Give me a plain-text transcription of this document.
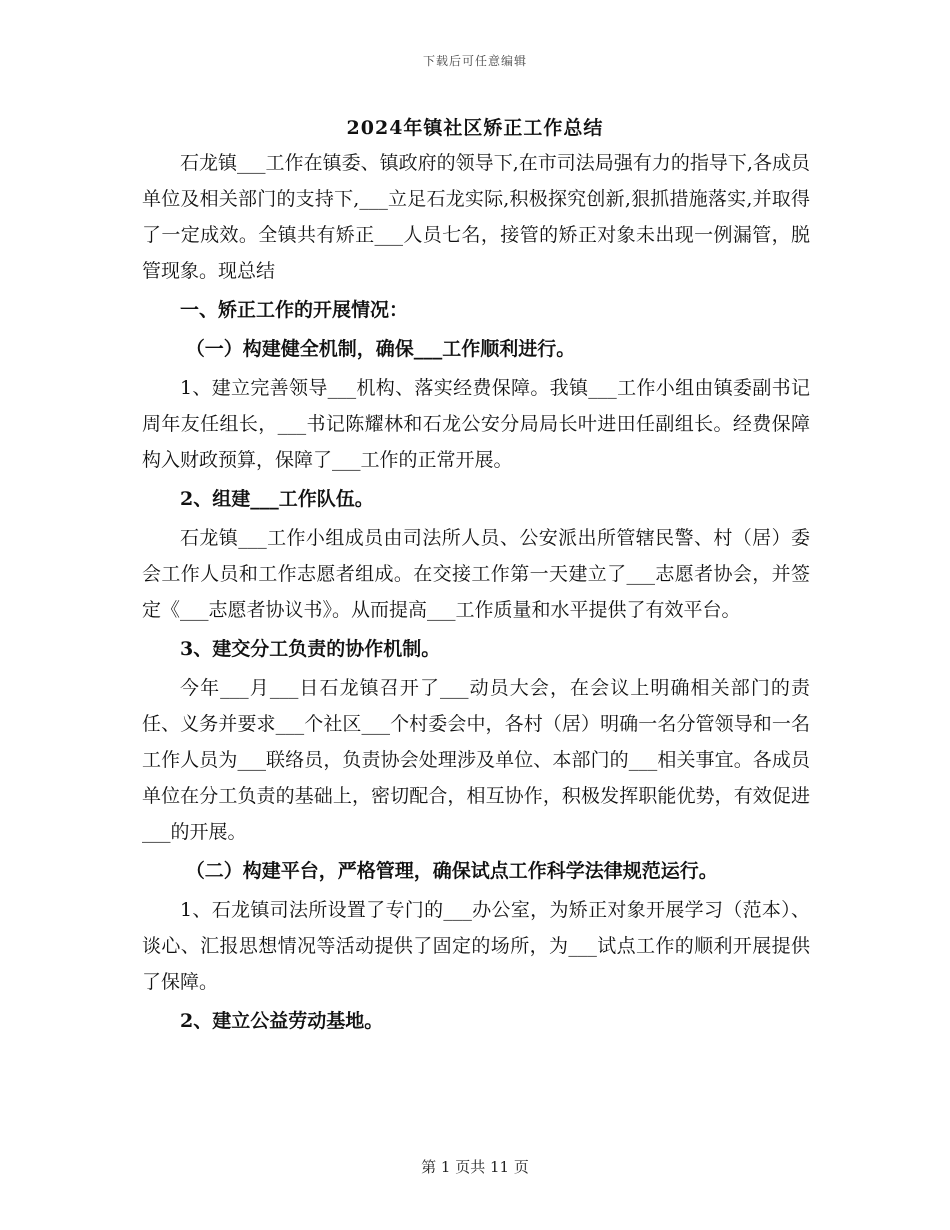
下载后可任意编辑
2024年镇社区矫正工作总结

石龙镇___工作在镇委、镇政府的领导下,在市司法局强有力的指导下,各成员单位及相关部门的支持下,___立足石龙实际,积极探究创新,狠抓措施落实,并取得了一定成效。全镇共有矫正___人员七名，接管的矫正对象未出现一例漏管，脱管现象。现总结

一、矫正工作的开展情况：

（一）构建健全机制，确保___工作顺利进行。

1、建立完善领导___机构、落实经费保障。我镇___工作小组由镇委副书记周年友任组长，___书记陈耀林和石龙公安分局局长叶进田任副组长。经费保障构入财政预算，保障了___工作的正常开展。

2、组建___工作队伍。

石龙镇___工作小组成员由司法所人员、公安派出所管辖民警、村（居）委会工作人员和工作志愿者组成。在交接工作第一天建立了___志愿者协会，并签定《___志愿者协议书》。从而提高___工作质量和水平提供了有效平台。

3、建交分工负责的协作机制。

今年___月___日石龙镇召开了___动员大会，在会议上明确相关部门的责任、义务并要求___个社区___个村委会中，各村（居）明确一名分管领导和一名工作人员为___联络员，负责协会处理涉及单位、本部门的___相关事宜。各成员单位在分工负责的基础上，密切配合，相互协作，积极发挥职能优势，有效促进___的开展。

（二）构建平台，严格管理，确保试点工作科学法律规范运行。

1、石龙镇司法所设置了专门的___办公室，为矫正对象开展学习（范本）、谈心、汇报思想情况等活动提供了固定的场所，为___试点工作的顺利开展提供了保障。

2、建立公益劳动基地。

第 1 页共 11 页
